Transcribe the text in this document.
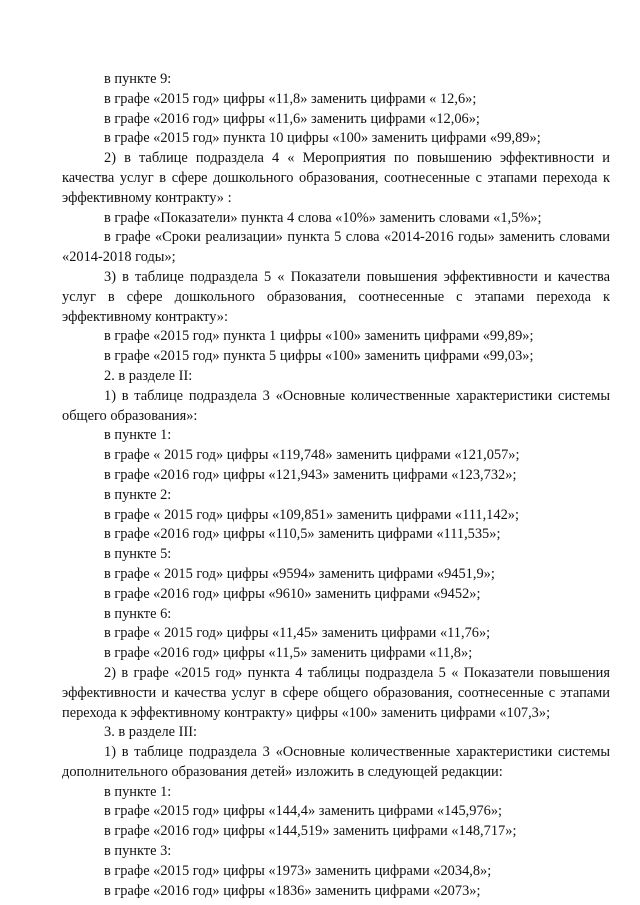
в пункте 9:

в графе «2015 год» цифры «11,8» заменить цифрами « 12,6»;

в графе «2016 год» цифры «11,6» заменить цифрами «12,06»;

в графе «2015 год» пункта 10 цифры «100» заменить цифрами «99,89»;

2) в таблице подраздела 4 « Мероприятия по повышению эффективности и качества услуг в сфере дошкольного образования, соотнесенные с этапами перехода к эффективному контракту» :

в графе «Показатели» пункта 4 слова «10%» заменить словами «1,5%»;

в графе «Сроки реализации» пункта 5 слова «2014-2016 годы» заменить словами «2014-2018 годы»;

3) в таблице подраздела 5 « Показатели повышения эффективности и качества услуг в сфере дошкольного образования, соотнесенные с этапами перехода к эффективному контракту»:

в графе «2015 год» пункта 1 цифры «100» заменить цифрами «99,89»;

в графе «2015 год» пункта 5 цифры «100» заменить цифрами «99,03»;

2. в разделе II:

1) в таблице подраздела 3 «Основные количественные характеристики системы общего образования»:

в пункте 1:

в графе « 2015 год» цифры «119,748» заменить цифрами «121,057»;

в графе «2016 год» цифры «121,943» заменить цифрами «123,732»;

в пункте 2:

в графе « 2015 год» цифры «109,851» заменить цифрами «111,142»;

в графе «2016 год» цифры «110,5» заменить цифрами «111,535»;

в пункте 5:

в графе « 2015 год» цифры «9594» заменить цифрами «9451,9»;

в графе «2016 год» цифры «9610» заменить цифрами «9452»;

в пункте 6:

в графе « 2015 год» цифры «11,45» заменить цифрами «11,76»;

в графе «2016 год» цифры «11,5» заменить цифрами «11,8»;

2) в графе «2015 год» пункта 4 таблицы подраздела 5 « Показатели повышения эффективности и качества услуг в сфере общего образования, соотнесенные с этапами перехода к эффективному контракту» цифры «100» заменить цифрами «107,3»;

3. в разделе III:

1) в таблице подраздела 3 «Основные количественные характеристики системы дополнительного образования детей» изложить в следующей редакции:

в пункте 1:

в графе «2015 год» цифры «144,4» заменить цифрами «145,976»;

в графе «2016 год» цифры «144,519» заменить цифрами «148,717»;

в пункте 3:

в графе «2015 год» цифры «1973» заменить цифрами «2034,8»;

в графе «2016 год» цифры «1836» заменить цифрами «2073»;
